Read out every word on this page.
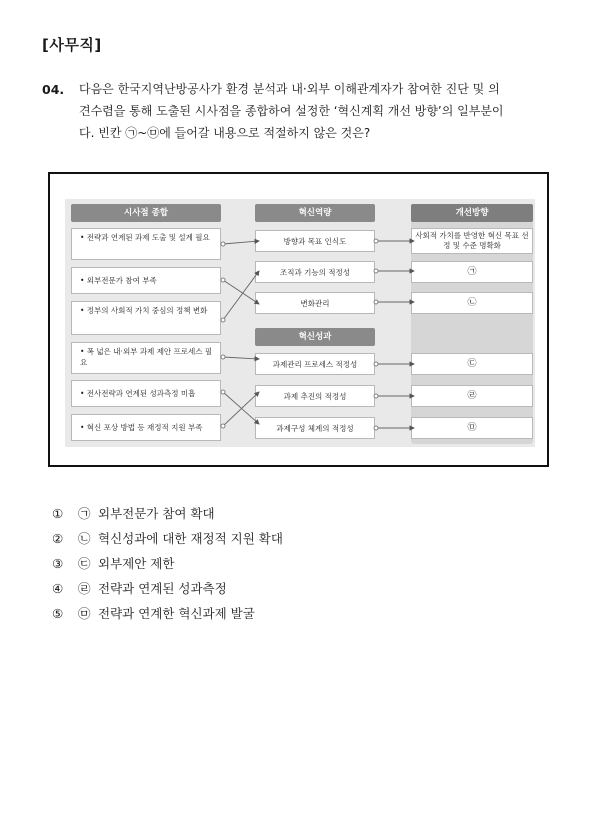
[사무직]
04. 다음은 한국지역난방공사가 환경 분석과 내·외부 이해관계자가 참여한 진단 및 의
견수렴을 통해 도출된 시사점을 종합하여 설정한 ‘혁신계획 개선 방향’의 일부분이
다. 빈칸 ㉠~㉤에 들어갈 내용으로 적절하지 않은 것은?
시사점 종합
• 전략과 연계된 과제 도출 및 설계 필요
• 외부전문가 참여 부족
• 정부의 사회적 가치 중심의 정책 변화
• 폭 넓은 내·외부 과제 제안 프로세스 필요
• 전사전략과 연계된 성과측정 미흡
• 혁신 포상 방법 등 재정적 지원 부족
혁신역량
방향과 목표 인식도
조직과 기능의 적정성
변화관리
혁신성과
과제관리 프로세스 적정성
과제 추진의 적정성
과제구성 체계의 적정성
개선방향
사회적 가치를 반영한 혁신 목표 선정 및 수준 명확화
㉠
㉡
㉢
㉣
㉤
① ㉠ 외부전문가 참여 확대
② ㉡ 혁신성과에 대한 재정적 지원 확대
③ ㉢ 외부제안 제한
④ ㉣ 전략과 연계된 성과측정
⑤ ㉤ 전략과 연계한 혁신과제 발굴
